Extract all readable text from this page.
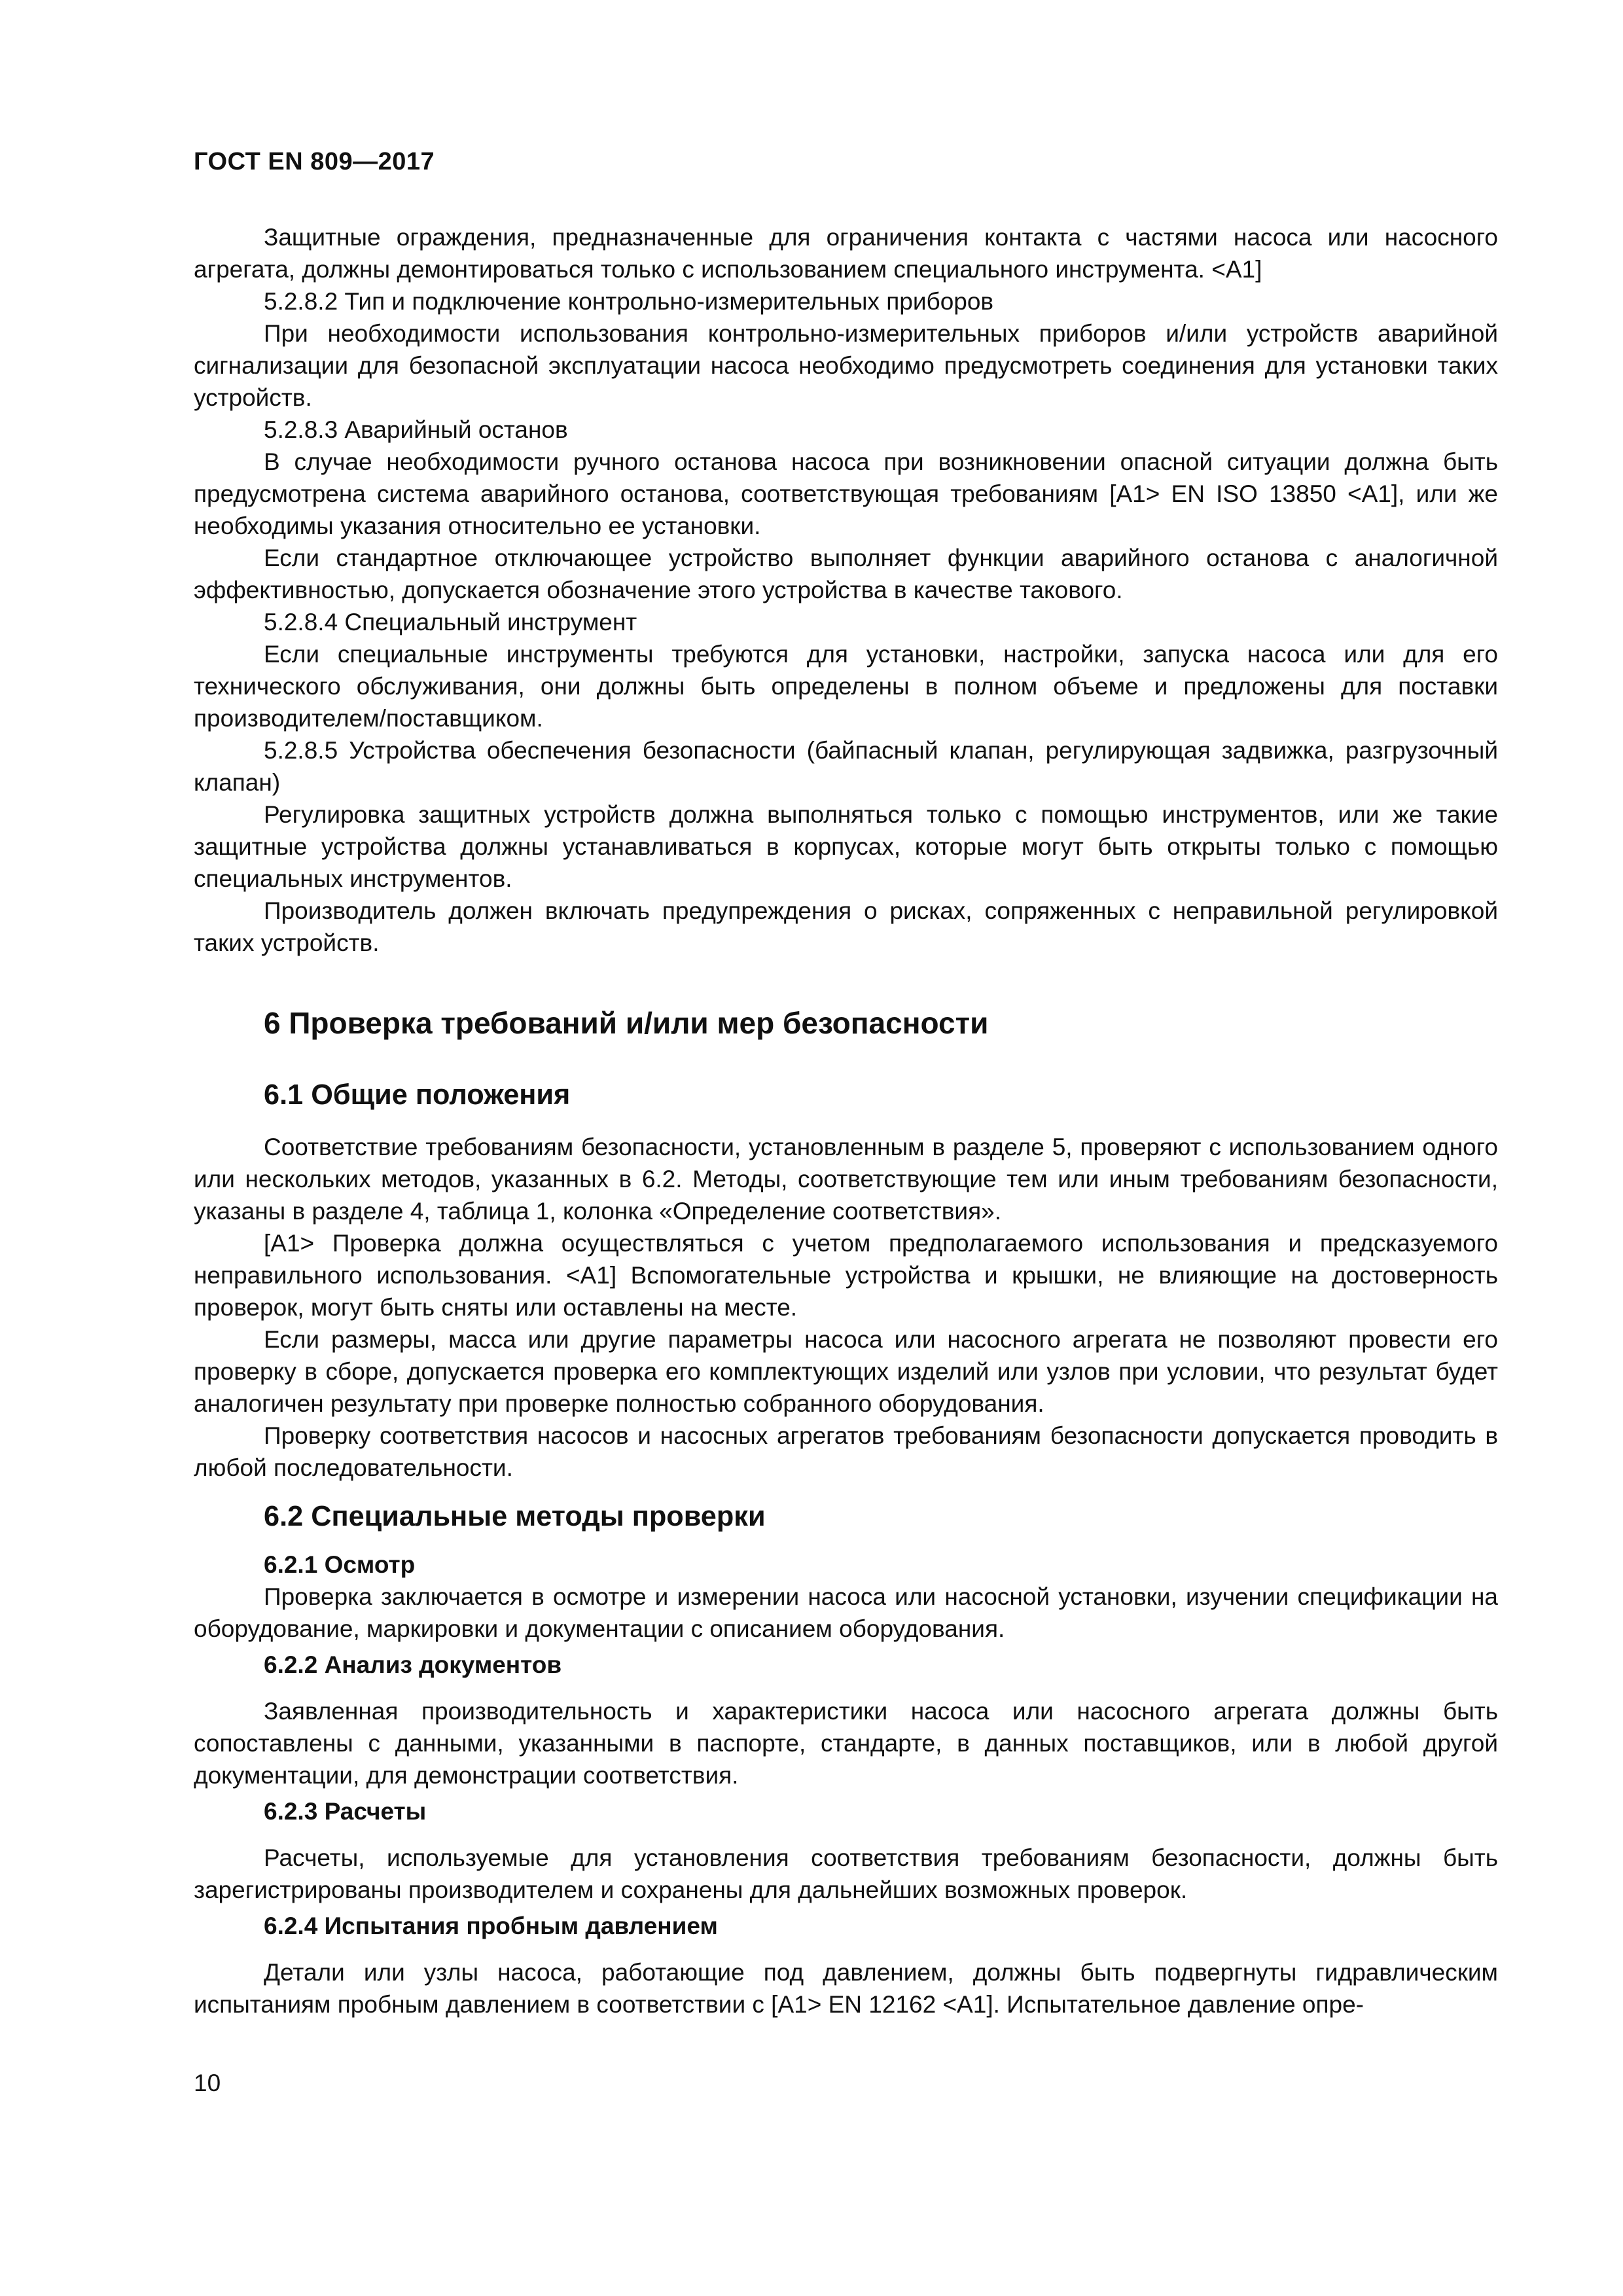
ГОСТ EN 809—2017

Защитные ограждения, предназначенные для ограничения контакта с частями насоса или насосного агрегата, должны демонтироваться только с использованием специального инструмента. <A1]

5.2.8.2 Тип и подключение контрольно-измерительных приборов

При необходимости использования контрольно-измерительных приборов и/или устройств аварийной сигнализации для безопасной эксплуатации насоса необходимо предусмотреть соединения для установки таких устройств.

5.2.8.3 Аварийный останов

В случае необходимости ручного останова насоса при возникновении опасной ситуации должна быть предусмотрена система аварийного останова, соответствующая требованиям [A1> EN ISO 13850 <A1], или же необходимы указания относительно ее установки.

Если стандартное отключающее устройство выполняет функции аварийного останова с аналогичной эффективностью, допускается обозначение этого устройства в качестве такового.

5.2.8.4 Специальный инструмент

Если специальные инструменты требуются для установки, настройки, запуска насоса или для его технического обслуживания, они должны быть определены в полном объеме и предложены для поставки производителем/поставщиком.

5.2.8.5 Устройства обеспечения безопасности (байпасный клапан, регулирующая задвижка, разгрузочный клапан)

Регулировка защитных устройств должна выполняться только с помощью инструментов, или же такие защитные устройства должны устанавливаться в корпусах, которые могут быть открыты только с помощью специальных инструментов.

Производитель должен включать предупреждения о рисках, сопряженных с неправильной регулировкой таких устройств.

6 Проверка требований и/или мер безопасности
6.1 Общие положения

Соответствие требованиям безопасности, установленным в разделе 5, проверяют с использованием одного или нескольких методов, указанных в 6.2. Методы, соответствующие тем или иным требованиям безопасности, указаны в разделе 4, таблица 1, колонка «Определение соответствия».

[A1> Проверка должна осуществляться с учетом предполагаемого использования и предсказуемого неправильного использования. <A1] Вспомогательные устройства и крышки, не влияющие на достоверность проверок, могут быть сняты или оставлены на месте.

Если размеры, масса или другие параметры насоса или насосного агрегата не позволяют провести его проверку в сборе, допускается проверка его комплектующих изделий или узлов при условии, что результат будет аналогичен результату при проверке полностью собранного оборудования.

Проверку соответствия насосов и насосных агрегатов требованиям безопасности допускается проводить в любой последовательности.

6.2 Специальные методы проверки
6.2.1 Осмотр

Проверка заключается в осмотре и измерении насоса или насосной установки, изучении спецификации на оборудование, маркировки и документации с описанием оборудования.

6.2.2 Анализ документов

Заявленная производительность и характеристики насоса или насосного агрегата должны быть сопоставлены с данными, указанными в паспорте, стандарте, в данных поставщиков, или в любой другой документации, для демонстрации соответствия.

6.2.3 Расчеты

Расчеты, используемые для установления соответствия требованиям безопасности, должны быть зарегистрированы производителем и сохранены для дальнейших возможных проверок.

6.2.4 Испытания пробным давлением

Детали или узлы насоса, работающие под давлением, должны быть подвергнуты гидравлическим испытаниям пробным давлением в соответствии с [A1> EN 12162 <A1]. Испытательное давление опре-

10
